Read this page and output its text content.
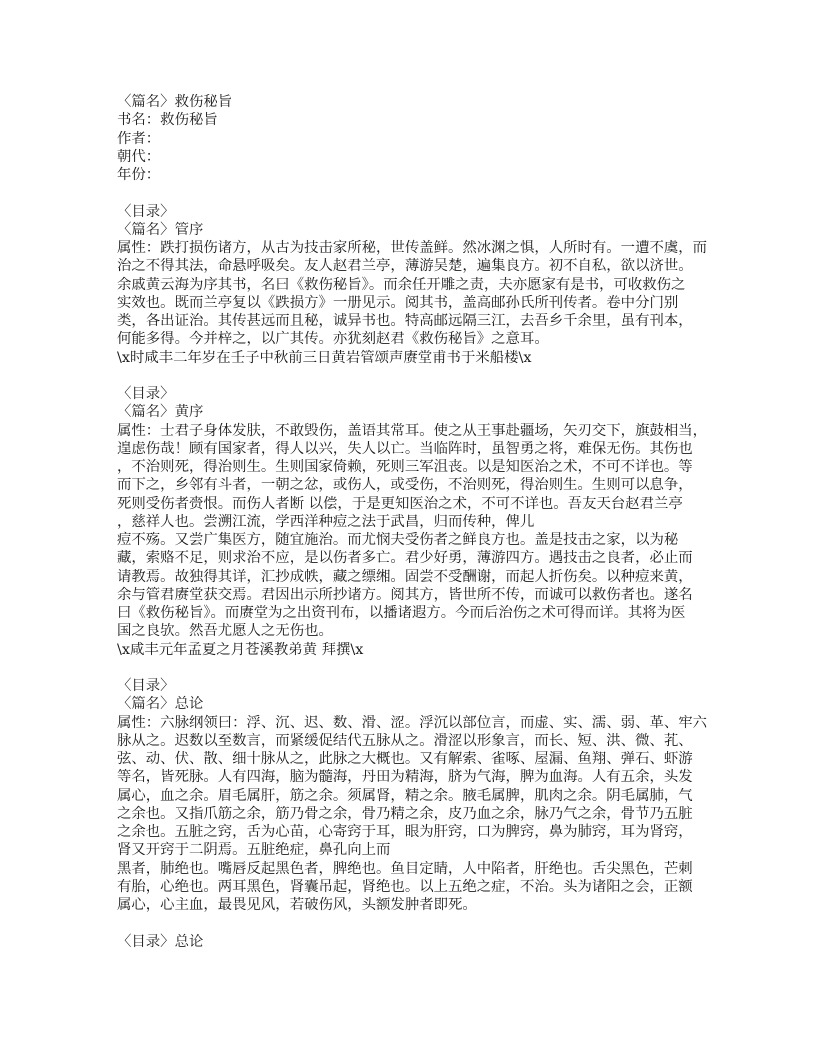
〈篇名〉救伤秘旨
书名：救伤秘旨
作者：
朝代：
年份：
〈目录〉
〈篇名〉管序
属性：跌打损伤诸方，从古为技击家所秘，世传盖鲜。然冰渊之惧，人所时有。一遭不虞，而
治之不得其法，命悬呼吸矣。友人赵君兰亭，薄游吴楚，遍集良方。初不自私，欲以济世。
余戚黄云海为序其书，名曰《救伤秘旨》。而余任开雕之责，夫亦愿家有是书，可收救伤之
实效也。既而兰亭复以《跌损方》一册见示。阅其书，盖高邮孙氏所刊传者。卷中分门别
类，各出证治。其传甚远而且秘，诚异书也。特高邮远隔三江，去吾乡千余里，虽有刊本，
何能多得。今并梓之，以广其传。亦犹刻赵君《救伤秘旨》之意耳。
\x时咸丰二年岁在壬子中秋前三日黄岩管颂声赓堂甫书于米船楼\x
〈目录〉
〈篇名〉黄序
属性：士君子身体发肤，不敢毁伤，盖语其常耳。使之从王事赴疆场，矢刃交下，旗鼓相当，
遑虑伤哉！顾有国家者，得人以兴，失人以亡。当临阵时，虽智勇之将，难保无伤。其伤也
，不治则死，得治则生。生则国家倚赖，死则三军沮丧。以是知医治之术，不可不详也。等
而下之，乡邻有斗者，一朝之忿，或伤人，或受伤，不治则死，得治则生。生则可以息争，
死则受伤者赍恨。而伤人者断 以偿，于是更知医治之术，不可不详也。吾友天台赵君兰亭
，慈祥人也。尝溯江流，学西洋种痘之法于武昌，归而传种，俾儿
痘不殇。又尝广集医方，随宜施治。而尤悯夫受伤者之鲜良方也。盖是技击之家，以为秘
藏，索赂不足，则求治不应，是以伤者多亡。君少好勇，薄游四方。遇技击之良者，必止而
请教焉。故独得其详，汇抄成帙，藏之缥缃。固尝不受酬谢，而起人折伤矣。以种痘来黄，
余与管君赓堂获交焉。君因出示所抄诸方。阅其方，皆世所不传，而诚可以救伤者也。遂名
曰《救伤秘旨》。而赓堂为之出资刊布，以播诸遐方。今而后治伤之术可得而详。其将为医
国之良欤。然吾尤愿人之无伤也。
\x咸丰元年孟夏之月苍溪教弟黄 拜撰\x
〈目录〉
〈篇名〉总论
属性：六脉纲领曰：浮、沉、迟、数、滑、涩。浮沉以部位言，而虚、实、濡、弱、革、牢六
脉从之。迟数以至数言，而紧缓促结代五脉从之。滑涩以形象言，而长、短、洪、微、芤、
弦、动、伏、散、细十脉从之，此脉之大概也。又有解索、雀啄、屋漏、鱼翔、弹石、虾游
等名，皆死脉。人有四海，脑为髓海，丹田为精海，脐为气海，脾为血海。人有五余，头发
属心，血之余。眉毛属肝，筋之余。须属肾，精之余。腋毛属脾，肌肉之余。阴毛属肺，气
之余也。又指爪筋之余，筋乃骨之余，骨乃精之余，皮乃血之余，脉乃气之余，骨节乃五脏
之余也。五脏之窍，舌为心苗，心寄窍于耳，眼为肝窍，口为脾窍，鼻为肺窍，耳为肾窍，
肾又开窍于二阴焉。五脏绝症，鼻孔向上而
黑者，肺绝也。嘴唇反起黑色者，脾绝也。鱼目定睛，人中陷者，肝绝也。舌尖黑色，芒刺
有胎，心绝也。两耳黑色，肾囊吊起，肾绝也。以上五绝之症，不治。头为诸阳之会，正额
属心，心主血，最畏见风，若破伤风，头额发肿者即死。
〈目录〉总论
